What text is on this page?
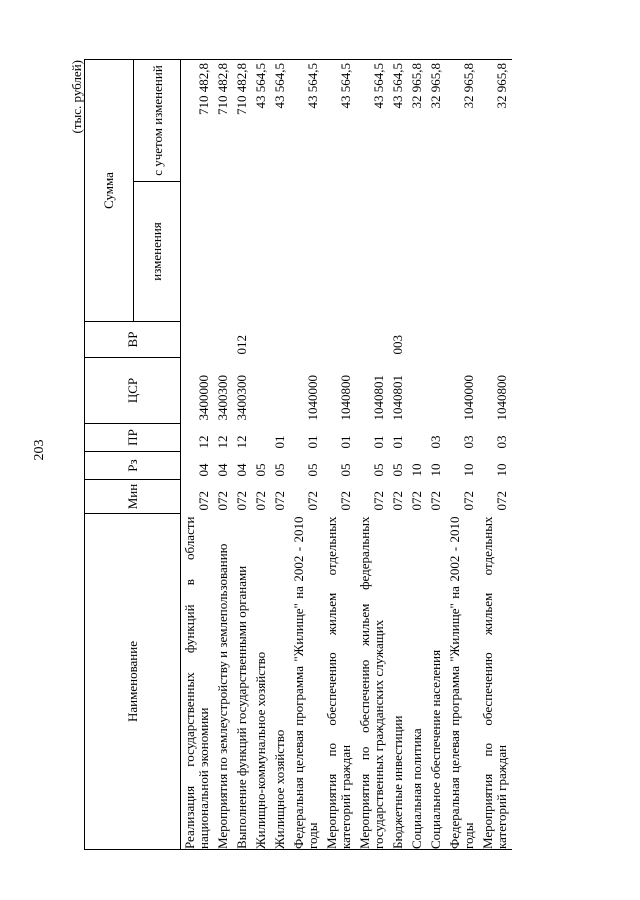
203
(тыс. рублей)
Наименование	Мин	Рз	ПР	ЦСР	ВР	Сумма	
						изменения	с учетом изменений
Реализация государственных функций в области национальной экономики	072	04	12	3400000			710 482,8
Мероприятия по землеустройству и землепользованию	072	04	12	3400300			710 482,8
Выполнение функций государственными органами	072	04	12	3400300	012		710 482,8
Жилищно-коммунальное хозяйство	072	05					43 564,5
Жилищное хозяйство	072	05	01				43 564,5
Федеральная целевая программа "Жилище" на 2002 - 2010 годы	072	05	01	1040000			43 564,5
Мероприятия по обеспечению жильем отдельных категорий граждан	072	05	01	1040800			43 564,5
Мероприятия по обеспечению жильем федеральных государственных гражданских служащих	072	05	01	1040801			43 564,5
Бюджетные инвестиции	072	05	01	1040801	003		43 564,5
Социальная политика	072	10					32 965,8
Социальное обеспечение населения	072	10	03				32 965,8
Федеральная целевая программа "Жилище" на 2002 - 2010 годы	072	10	03	1040000			32 965,8
Мероприятия по обеспечению жильем отдельных категорий граждан	072	10	03	1040800			32 965,8
